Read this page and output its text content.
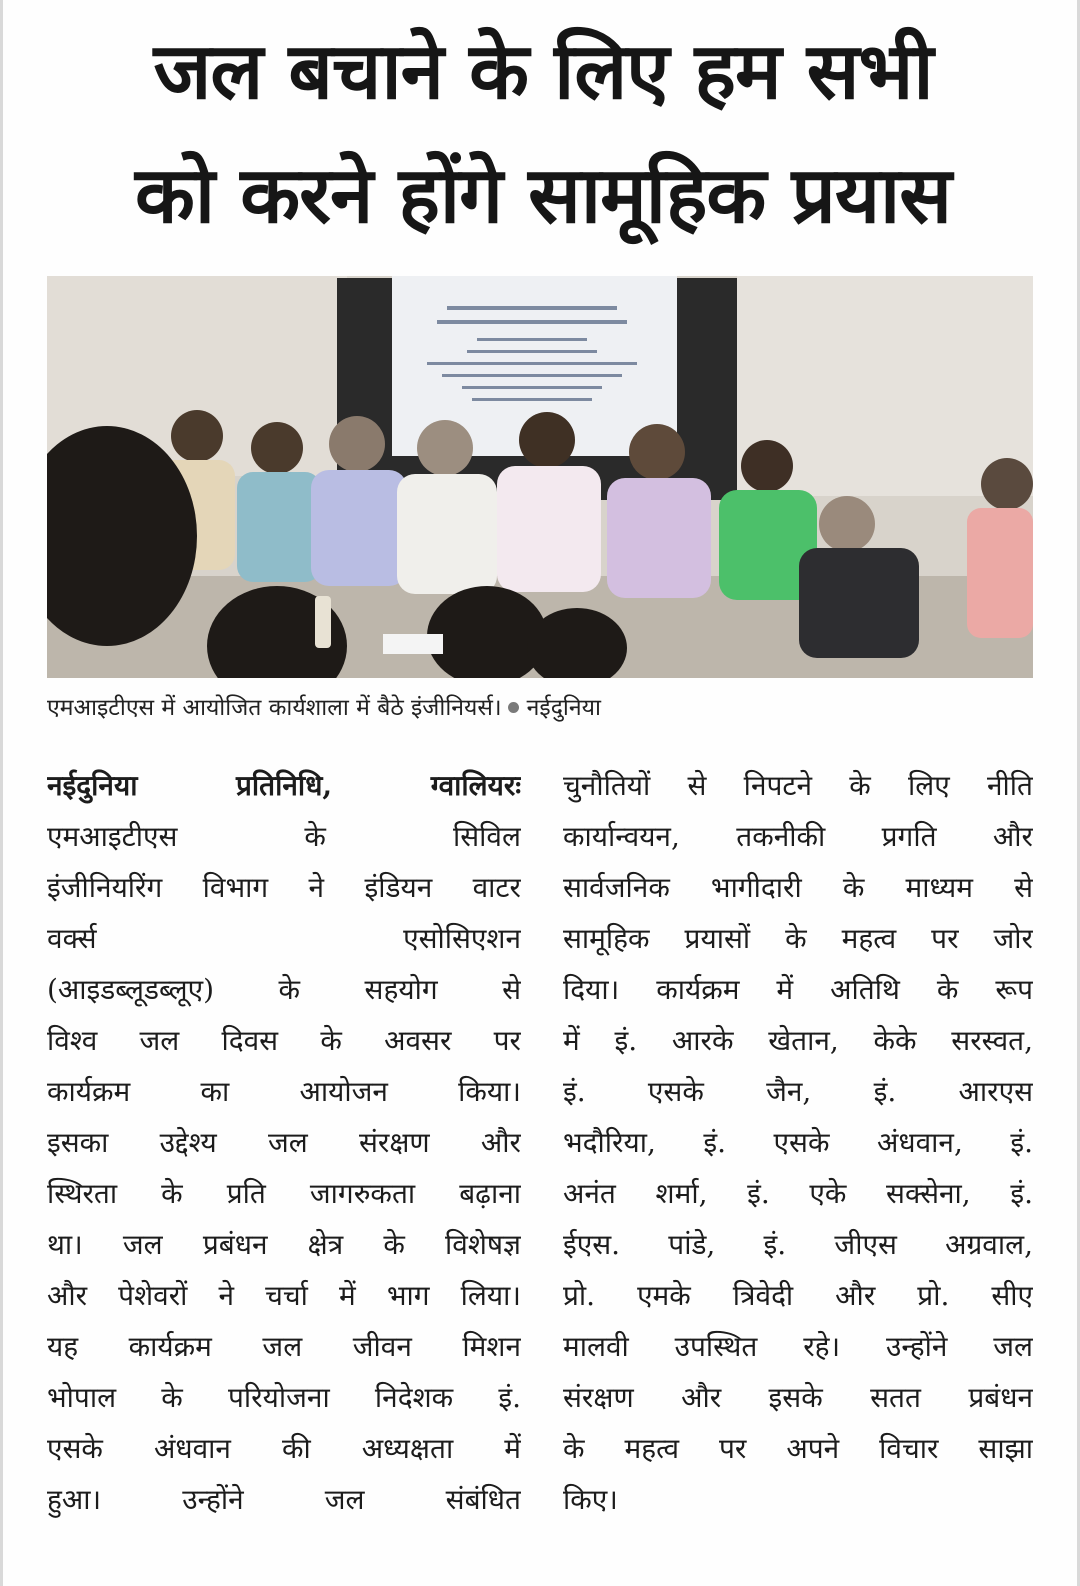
जल बचाने के लिए हम सभी
को करने होंगे सामूहिक प्रयास
एमआइटीएस में आयोजित कार्यशाला में बैठे इंजीनियर्स। नईदुनिया
नईदुनिया प्रतिनिधि, ग्वालियरः
एमआइटीएस के सिविल
इंजीनियरिंग विभाग ने इंडियन वाटर
वर्क्स एसोसिएशन
(आइडब्लूडब्लूए) के सहयोग से
विश्व जल दिवस के अवसर पर
कार्यक्रम का आयोजन किया।
इसका उद्देश्य जल संरक्षण और
स्थिरता के प्रति जागरुकता बढ़ाना
था। जल प्रबंधन क्षेत्र के विशेषज्ञ
और पेशेवरों ने चर्चा में भाग लिया।
यह कार्यक्रम जल जीवन मिशन
भोपाल के परियोजना निदेशक इं.
एसके अंधवान की अध्यक्षता में
हुआ। उन्होंने जल संबंधित
चुनौतियों से निपटने के लिए नीति
कार्यान्वयन, तकनीकी प्रगति और
सार्वजनिक भागीदारी के माध्यम से
सामूहिक प्रयासों के महत्व पर जोर
दिया। कार्यक्रम में अतिथि के रूप
में इं. आरके खेतान, केके सरस्वत,
इं. एसके जैन, इं. आरएस
भदौरिया, इं. एसके अंधवान, इं.
अनंत शर्मा, इं. एके सक्सेना, इं.
ईएस. पांडे, इं. जीएस अग्रवाल,
प्रो. एमके त्रिवेदी और प्रो. सीए
मालवी उपस्थित रहे। उन्होंने जल
संरक्षण और इसके सतत प्रबंधन
के महत्व पर अपने विचार साझा
किए।
